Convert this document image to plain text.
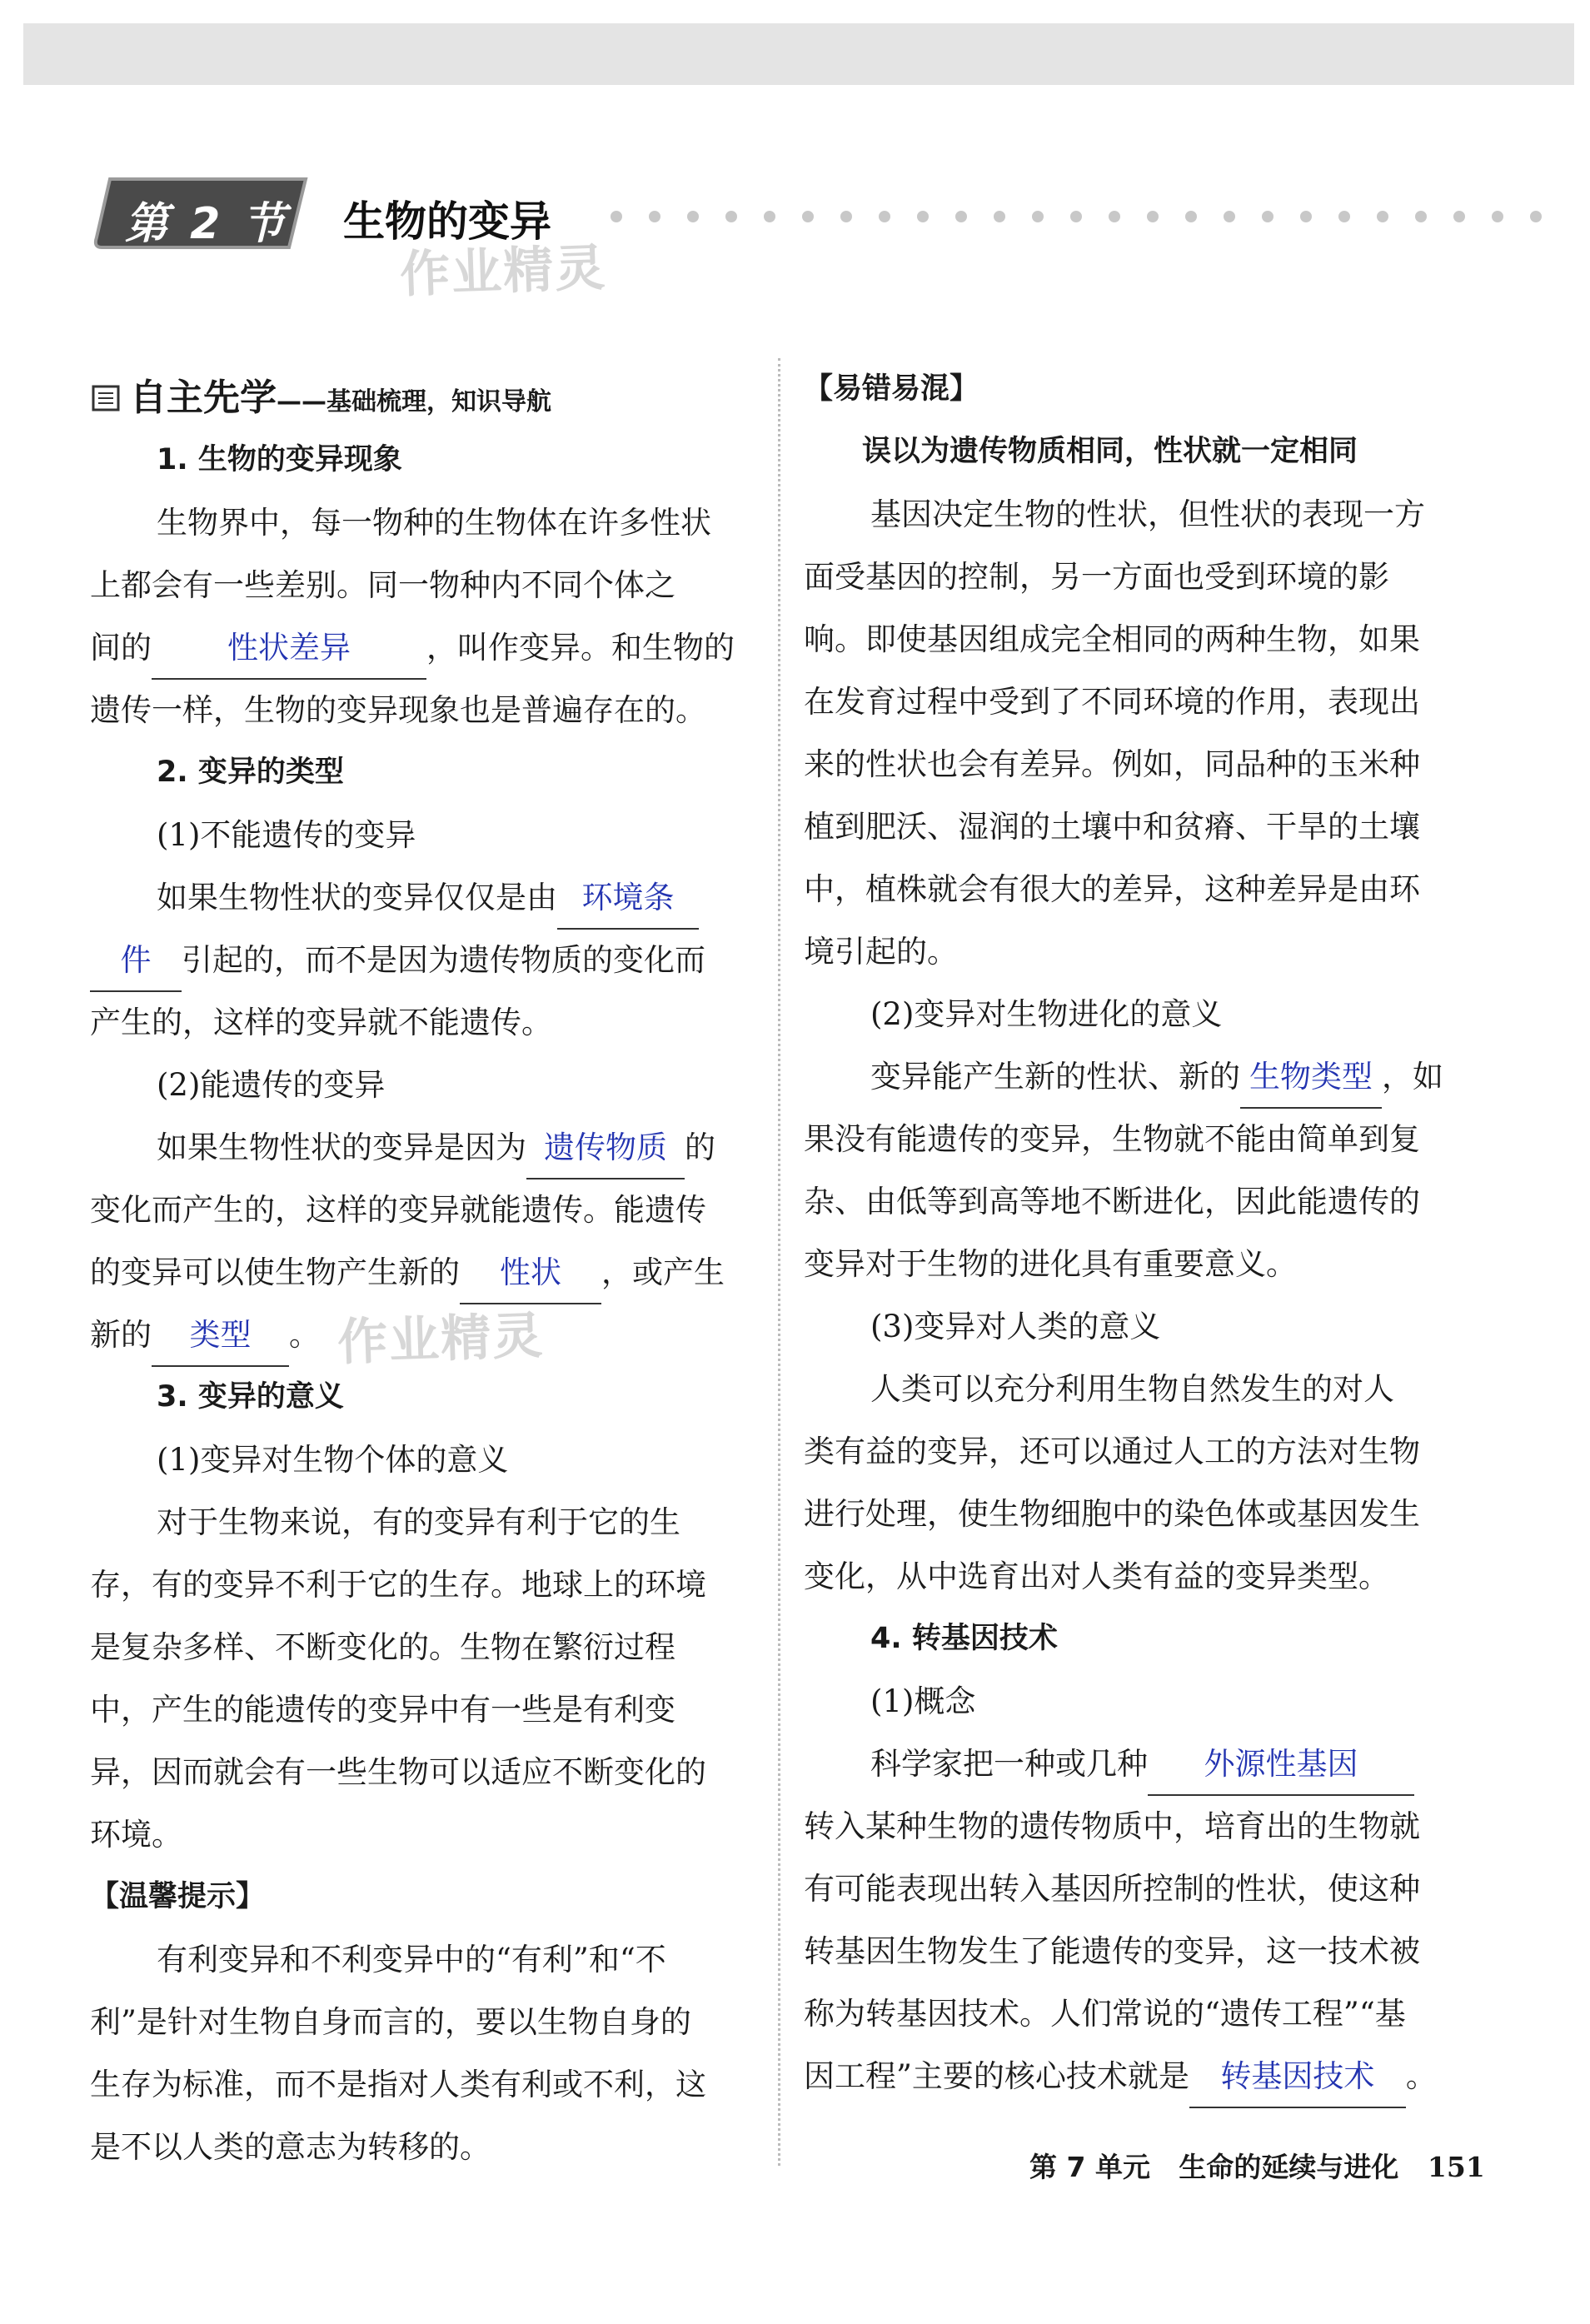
第 2 节 生物的变异
作业精灵
作业精灵
自主先学——基础梳理，知识导航
1. 生物的变异现象
生物界中，每一物种的生物体在许多性状
上都会有一些差别。同一物种内不同个体之
间的 性状差异 ，叫作变异。和生物的
遗传一样，生物的变异现象也是普遍存在的。
2. 变异的类型
(1)不能遗传的变异
如果生物性状的变异仅仅是由 环境条
件 引起的，而不是因为遗传物质的变化而
产生的，这样的变异就不能遗传。
(2)能遗传的变异
如果生物性状的变异是因为 遗传物质 的
变化而产生的，这样的变异就能遗传。能遗传
的变异可以使生物产生新的 性状 ，或产生
新的 类型 。
3. 变异的意义
(1)变异对生物个体的意义
对于生物来说，有的变异有利于它的生
存，有的变异不利于它的生存。地球上的环境
是复杂多样、不断变化的。生物在繁衍过程
中，产生的能遗传的变异中有一些是有利变
异，因而就会有一些生物可以适应不断变化的
环境。
【温馨提示】
有利变异和不利变异中的“有利”和“不
利”是针对生物自身而言的，要以生物自身的
生存为标准，而不是指对人类有利或不利，这
是不以人类的意志为转移的。
【易错易混】
误以为遗传物质相同，性状就一定相同
基因决定生物的性状，但性状的表现一方
面受基因的控制，另一方面也受到环境的影
响。即使基因组成完全相同的两种生物，如果
在发育过程中受到了不同环境的作用，表现出
来的性状也会有差异。例如，同品种的玉米种
植到肥沃、湿润的土壤中和贫瘠、干旱的土壤
中，植株就会有很大的差异，这种差异是由环
境引起的。
(2)变异对生物进化的意义
变异能产生新的性状、新的 生物类型 ，如
果没有能遗传的变异，生物就不能由简单到复
杂、由低等到高等地不断进化，因此能遗传的
变异对于生物的进化具有重要意义。
(3)变异对人类的意义
人类可以充分利用生物自然发生的对人
类有益的变异，还可以通过人工的方法对生物
进行处理，使生物细胞中的染色体或基因发生
变化，从中选育出对人类有益的变异类型。
4. 转基因技术
(1)概念
科学家把一种或几种 外源性基因
转入某种生物的遗传物质中，培育出的生物就
有可能表现出转入基因所控制的性状，使这种
转基因生物发生了能遗传的变异，这一技术被
称为转基因技术。人们常说的“遗传工程”“基
因工程”主要的核心技术就是 转基因技术 。
第 7 单元 生命的延续与进化 151
